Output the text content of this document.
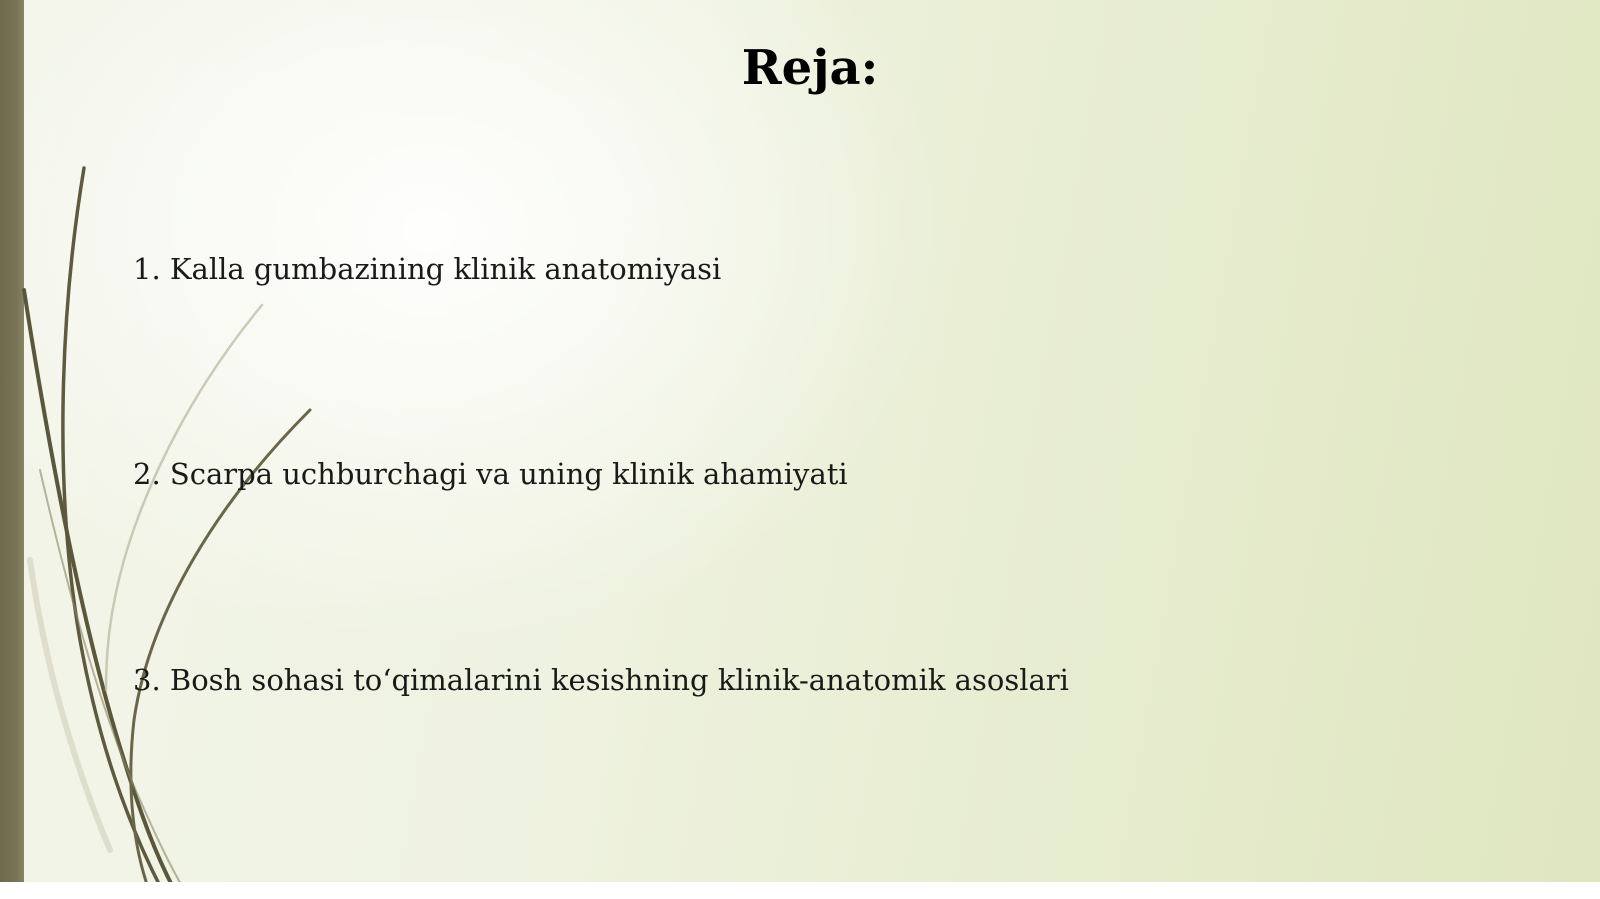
Reja:
1. Kalla gumbazining klinik anatomiyasi
2. Scarpa uchburchagi va uning klinik ahamiyati
3. Bosh sohasi to‘qimalarini kesishning klinik-anatomik asoslari
